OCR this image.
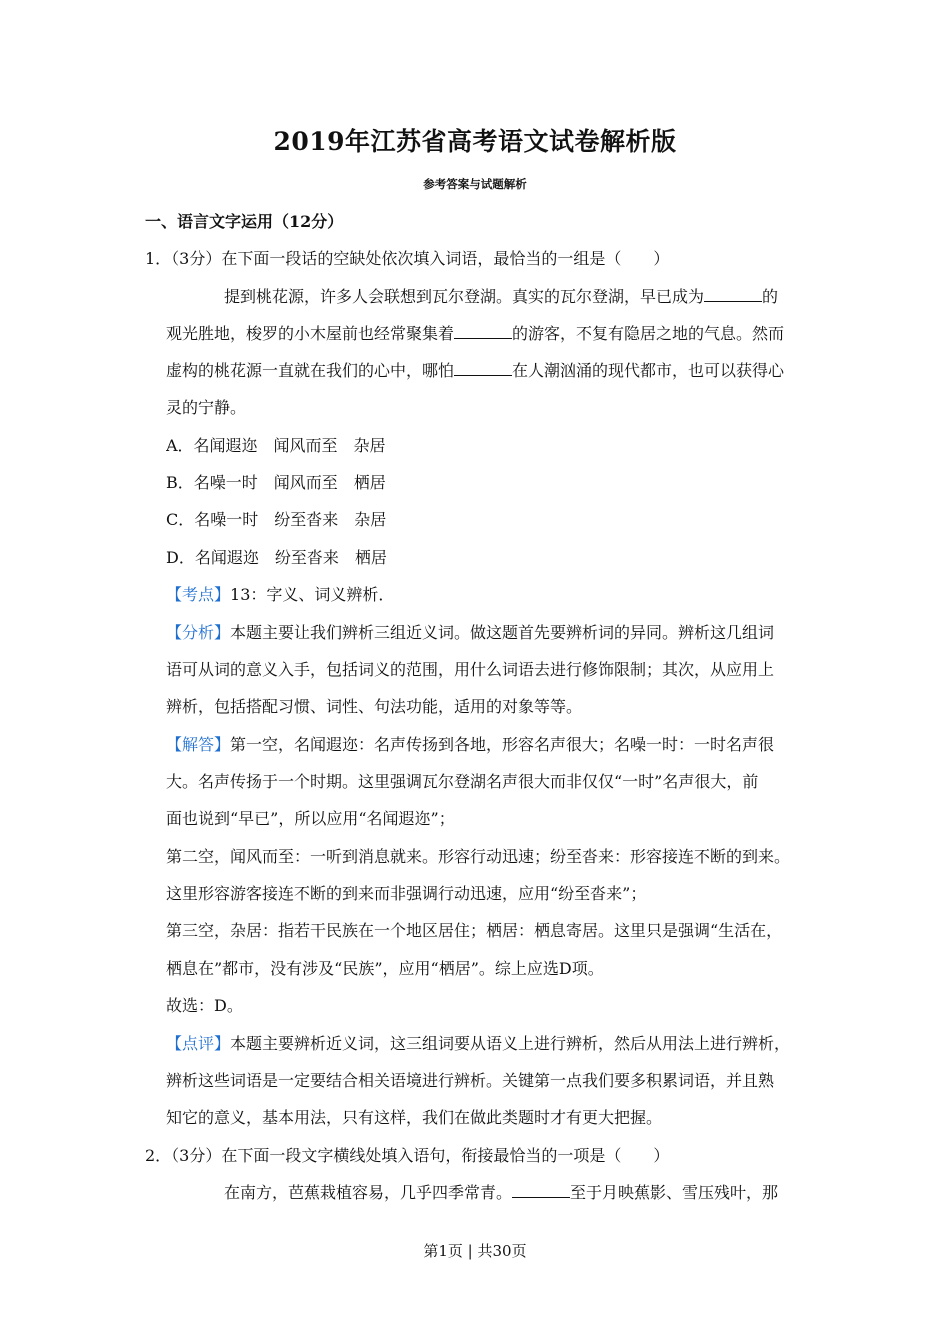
2019年江苏省高考语文试卷解析版
参考答案与试题解析
一、语言文字运用（12分）
1．（3分）在下面一段话的空缺处依次填入词语，最恰当的一组是（　　）
提到桃花源，许多人会联想到瓦尔登湖。真实的瓦尔登湖，早已成为	的
观光胜地，梭罗的小木屋前也经常聚集着	的游客，不复有隐居之地的气息。然而
虚构的桃花源一直就在我们的心中，哪怕	在人潮汹涌的现代都市，也可以获得心
灵的宁静。
A．名闻遐迩　闻风而至　杂居
B．名噪一时　闻风而至　栖居
C．名噪一时　纷至沓来　杂居
D．名闻遐迩　纷至沓来　栖居
【考点】13：字义、词义辨析．
【分析】本题主要让我们辨析三组近义词。做这题首先要辨析词的异同。辨析这几组词
语可从词的意义入手，包括词义的范围，用什么词语去进行修饰限制；其次，从应用上
辨析，包括搭配习惯、词性、句法功能，适用的对象等等。
【解答】第一空，名闻遐迩：名声传扬到各地，形容名声很大；名噪一时：一时名声很
大。名声传扬于一个时期。这里强调瓦尔登湖名声很大而非仅仅“一时”名声很大，前
面也说到“早已”，所以应用“名闻遐迩”；
第二空，闻风而至：一听到消息就来。形容行动迅速；纷至沓来：形容接连不断的到来。
这里形容游客接连不断的到来而非强调行动迅速，应用“纷至沓来”；
第三空，杂居：指若干民族在一个地区居住；栖居：栖息寄居。这里只是强调“生活在，
栖息在”都市，没有涉及“民族”，应用“栖居”。综上应选D项。
故选：D。
【点评】本题主要辨析近义词，这三组词要从语义上进行辨析，然后从用法上进行辨析，
辨析这些词语是一定要结合相关语境进行辨析。关键第一点我们要多积累词语，并且熟
知它的意义，基本用法，只有这样，我们在做此类题时才有更大把握。
2．（3分）在下面一段文字横线处填入语句，衔接最恰当的一项是（　　）
在南方，芭蕉栽植容易，几乎四季常青。	至于月映蕉影、雪压残叶，那
第1页 | 共30页
